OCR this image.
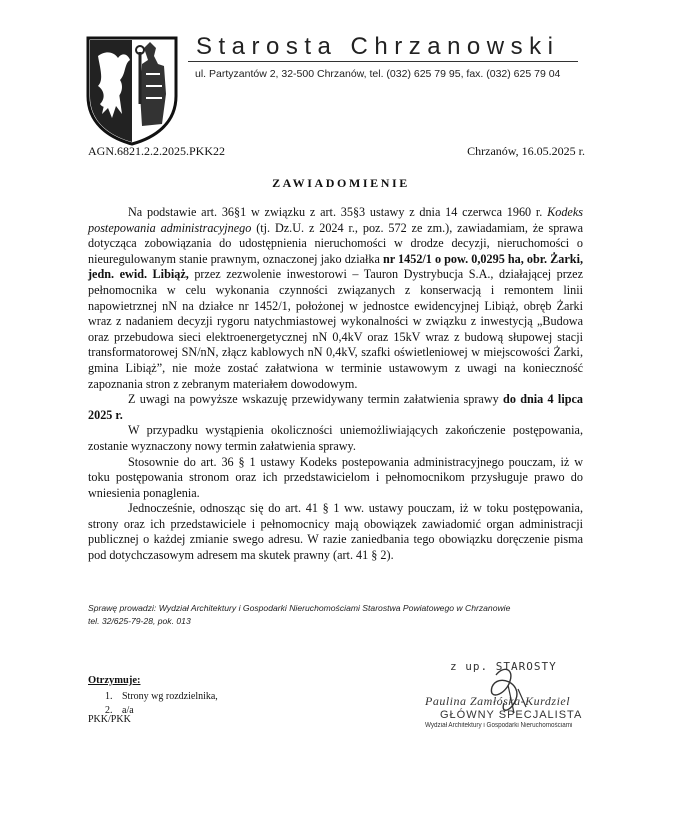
Starosta Chrzanowski
ul. Partyzantów 2, 32-500 Chrzanów, tel. (032) 625 79 95, fax. (032) 625 79 04
AGN.6821.2.2.2025.PKK22	Chrzanów, 16.05.2025 r.
ZAWIADOMIENIE

Na podstawie art. 36§1 w związku z art. 35§3 ustawy z dnia 14 czerwca 1960 r. Kodeks postepowania administracyjnego (tj. Dz.U. z 2024 r., poz. 572 ze zm.), zawiadamiam, że sprawa dotycząca zobowiązania do udostępnienia nieruchomości w drodze decyzji, nieruchomości o nieuregulowanym stanie prawnym, oznaczonej jako działka nr 1452/1 o pow. 0,0295 ha, obr. Żarki, jedn. ewid. Libiąż, przez zezwolenie inwestorowi – Tauron Dystrybucja S.A., działającej przez pełnomocnika w celu wykonania czynności związanych z konserwacją i remontem linii napowietrznej nN na działce nr 1452/1, położonej w jednostce ewidencyjnej Libiąż, obręb Żarki wraz z nadaniem decyzji rygoru natychmiastowej wykonalności w związku z inwestycją „Budowa oraz przebudowa sieci elektroenergetycznej nN 0,4kV oraz 15kV wraz z budową słupowej stacji transformatorowej SN/nN, złącz kablowych nN 0,4kV, szafki oświetleniowej w miejscowości Żarki, gmina Libiąż”, nie może zostać załatwiona w terminie ustawowym z uwagi na konieczność zapoznania stron z zebranym materiałem dowodowym.

Z uwagi na powyższe wskazuję przewidywany termin załatwienia sprawy do dnia 4 lipca 2025 r.

W przypadku wystąpienia okoliczności uniemożliwiających zakończenie postępowania, zostanie wyznaczony nowy termin załatwienia sprawy.

Stosownie do art. 36 § 1 ustawy Kodeks postepowania administracyjnego pouczam, iż w toku postępowania stronom oraz ich przedstawicielom i pełnomocnikom przysługuje prawo do wniesienia ponaglenia.

Jednocześnie, odnosząc się do art. 41 § 1 ww. ustawy pouczam, iż w toku postępowania, strony oraz ich przedstawiciele i pełnomocnicy mają obowiązek zawiadomić organ administracji publicznej o każdej zmianie swego adresu. W razie zaniedbania tego obowiązku doręczenie pisma pod dotychczasowym adresem ma skutek prawny (art. 41 § 2).

Sprawę prowadzi: Wydział Architektury i Gospodarki Nieruchomościami Starostwa Powiatowego w Chrzanowie
tel. 32/625-79-28, pok. 013
Otrzymuje:
1. Strony wg rozdzielnika,
2. a/a
PKK/PKK
z up. STAROSTY
Paulina Zamłóska-Kurdziel
GŁÓWNY SPECJALISTA
Wydział Architektury i Gospodarki Nieruchomościami
